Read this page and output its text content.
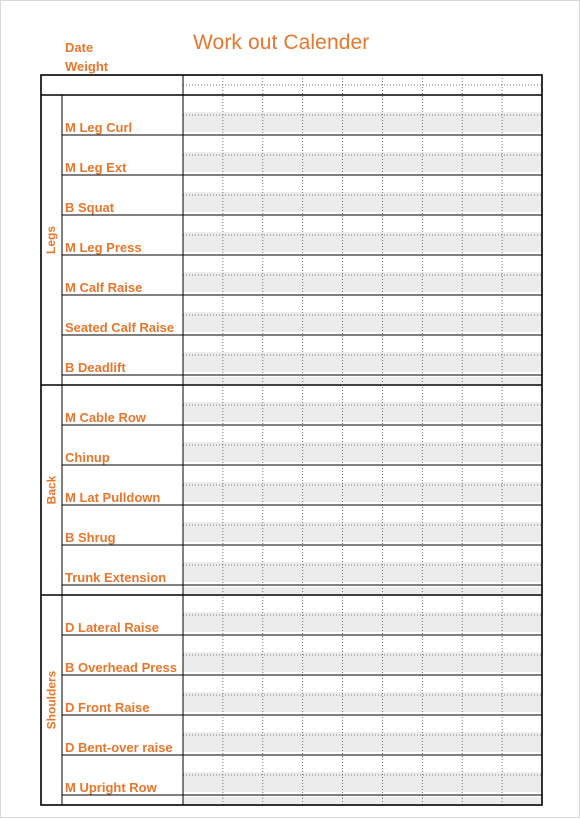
Work out Calender
Date
Weight
M Leg Curl
M Leg Ext
B Squat
M Leg Press
M Calf Raise
Seated Calf Raise
B Deadlift
Legs
M Cable Row
Chinup
M Lat Pulldown
B Shrug
Trunk Extension
Back
D Lateral Raise
B Overhead Press
D Front Raise
D Bent-over raise
M Upright Row
Shoulders
